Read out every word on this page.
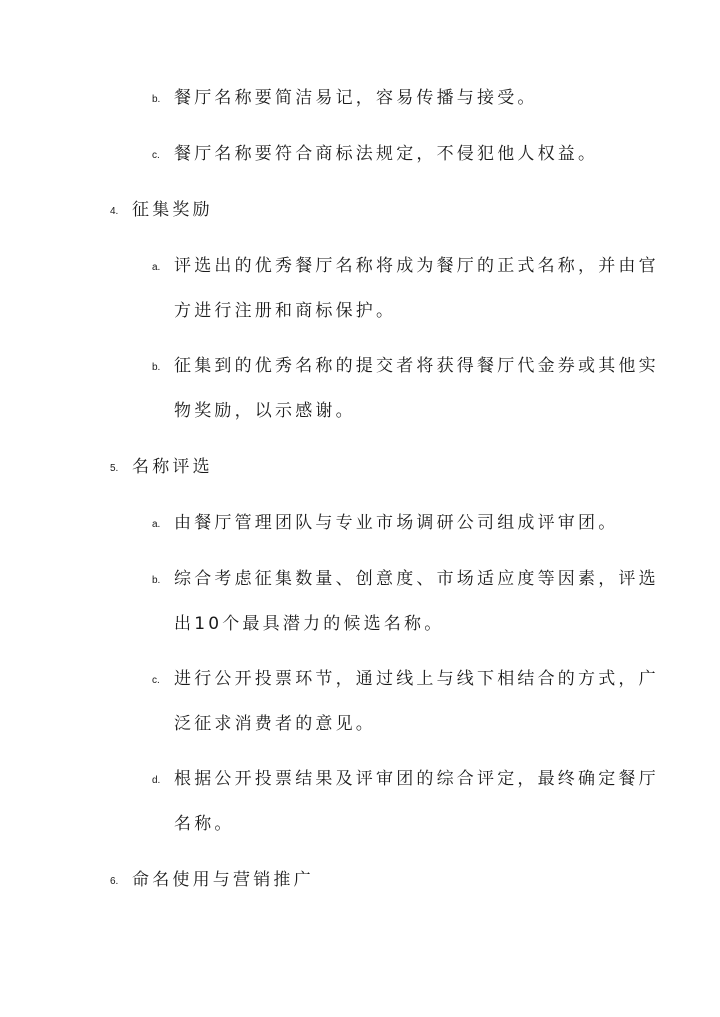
b. 餐厅名称要简洁易记，容易传播与接受。
c. 餐厅名称要符合商标法规定，不侵犯他人权益。
4. 征集奖励
a. 评选出的优秀餐厅名称将成为餐厅的正式名称，并由官
方进行注册和商标保护。
b. 征集到的优秀名称的提交者将获得餐厅代金券或其他实
物奖励，以示感谢。
5. 名称评选
a. 由餐厅管理团队与专业市场调研公司组成评审团。
b. 综合考虑征集数量、创意度、市场适应度等因素，评选
出10个最具潜力的候选名称。
c. 进行公开投票环节，通过线上与线下相结合的方式，广
泛征求消费者的意见。
d. 根据公开投票结果及评审团的综合评定，最终确定餐厅
名称。
6. 命名使用与营销推广
